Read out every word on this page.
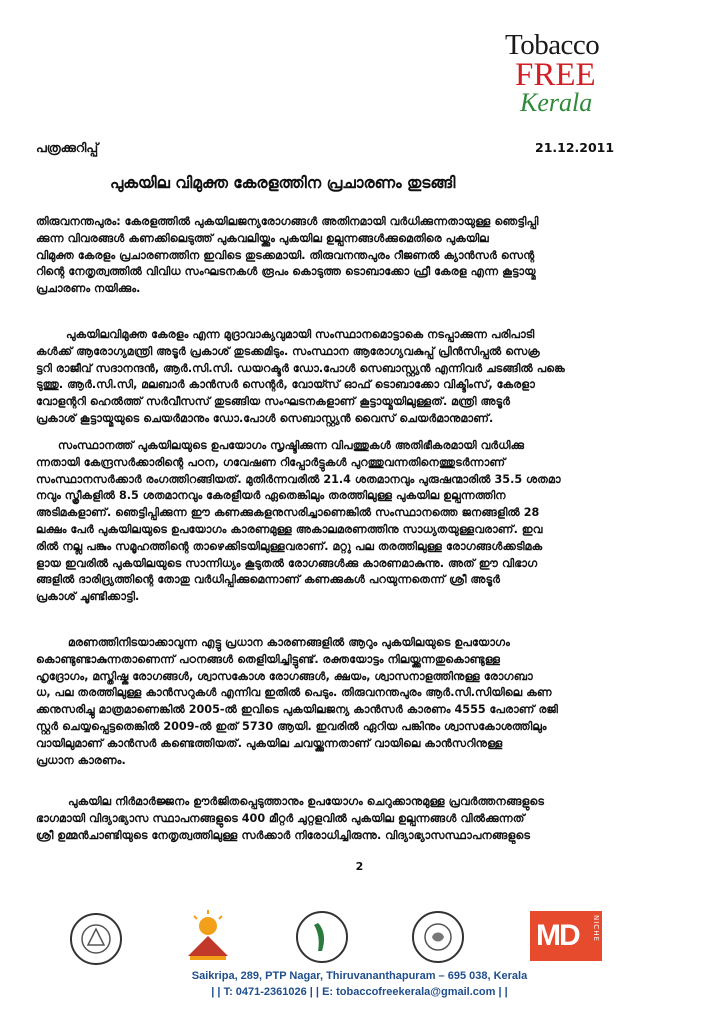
Tobacco
FREE
Kerala
പത്രക്കുറിപ്പ്	21.12.2011
പുകയില വിമുക്ത കേരളത്തിന പ്രചാരണം തുടങ്ങി
തിരുവനന്തപുരം: കേരളത്തിൽ പുകയിലജന്യരോഗങ്ങൾ അതിനമായി വർധിക്കുന്നതായുള്ള ഞെട്ടിപ്പി
ക്കുന്ന വിവരങ്ങൾ കണക്കിലെടുത്ത് പുകവലിയ്ക്കും പുകയില ഉല്പന്നങ്ങൾക്കുമെതിരെ പുകയില
വിമുക്ത കേരളം പ്രചാരണത്തിന ഇവിടെ തുടക്കമായി. തിരുവനന്തപുരം റീജണൽ ക്യാൻസർ സെന്റ
റിന്റെ നേതൃത്വത്തിൽ വിവിധ സംഘടനകൾ രൂപം കൊടുത്ത ടൊബാക്കോ ഫ്രീ കേരള എന്ന കൂട്ടായ്മ
പ്രചാരണം നയിക്കും.
പുകയിലവിമുക്ത കേരളം എന്ന മുദ്രാവാക്യവുമായി സംസ്ഥാനമൊട്ടാകെ നടപ്പാക്കുന്ന പരിപാടി
കൾക്ക് ആരോഗ്യമന്ത്രി അടൂർ പ്രകാശ് തുടക്കമിടും. സംസ്ഥാന ആരോഗ്യവകുപ്പ് പ്രിൻസിപ്പൽ സെക്ര
ട്ടറി രാജീവ് സദാനന്ദൻ, ആർ.സി.സി. ഡയറക്ടർ ഡോ.പോൾ സെബാസ്റ്റ്യൻ എന്നിവർ ചടങ്ങിൽ പങ്കെ
ടുത്തു. ആർ.സി.സി, മലബാർ കാൻസർ സെന്റർ, വോയ്സ് ഓഫ് ടൊബാക്കോ വിക്ടിംസ്, കേരളാ
വോളന്ററി ഹെൽത്ത് സർവീസസ് തുടങ്ങിയ സംഘടനകളാണ് കൂട്ടായ്മയിലുള്ളത്. മന്ത്രി അടൂർ
പ്രകാശ് കൂട്ടായ്മയുടെ ചെയർമാനും ഡോ.പോൾ സെബാസ്റ്റ്യൻ വൈസ് ചെയർമാനുമാണ്.
സംസ്ഥാനത്ത് പുകയിലയുടെ ഉപയോഗം സൃഷ്ടിക്കുന്ന വിപത്തുകൾ അതിഭീകരമായി വർധിക്കു
ന്നതായി കേന്ദ്രസർക്കാരിന്റെ പഠന, ഗവേഷണ റിപ്പോർട്ടുകൾ പുറത്തുവന്നതിനെത്തുടർന്നാണ്
സംസ്ഥാനസർക്കാർ രംഗത്തിറങ്ങിയത്. മുതിർന്നവരിൽ 21.4 ശതമാനവും പുരുഷന്മാരിൽ 35.5 ശതമാ
നവും സ്ത്രീകളിൽ 8.5 ശതമാനവും കേരളീയർ ഏതെങ്കിലും തരത്തിലുള്ള പുകയില ഉല്പന്നത്തിന
അടിമകളാണ്. ഞെട്ടിപ്പിക്കുന്ന ഈ കണക്കുകളനുസരിച്ചാണെങ്കിൽ സംസ്ഥാനത്തെ ജനങ്ങളിൽ 28
ലക്ഷം പേർ പുകയിലയുടെ ഉപയോഗം കാരണമുള്ള അകാലമരണത്തിനു സാധ്യതയുള്ളവരാണ്. ഇവ
രിൽ നല്ല പങ്കും സമൂഹത്തിന്റെ താഴെക്കിടയിലുള്ളവരാണ്. മറ്റു പല തരത്തിലുള്ള രോഗങ്ങൾക്കടിമക
ളായ ഇവരിൽ പുകയിലയുടെ സാന്നിധ്യം കൂടുതൽ രോഗങ്ങൾക്കു കാരണമാകുന്നു. അത് ഈ വിഭാഗ
ങ്ങളിൽ ദാരിദ്ര്യത്തിന്റെ തോതു വർധിപ്പിക്കുമെന്നാണ് കണക്കുകൾ പറയുന്നതെന്ന് ശ്രീ അടൂർ
പ്രകാശ് ചൂണ്ടിക്കാട്ടി.
മരണത്തിനിടയാക്കാവുന്ന എട്ടു പ്രധാന കാരണങ്ങളിൽ ആറും പുകയിലയുടെ ഉപയോഗം
കൊണ്ടുണ്ടാകുന്നതാണെന്ന് പഠനങ്ങൾ തെളിയിച്ചിട്ടുണ്ട്. രക്തയോട്ടം നിലയ്ക്കുന്നതുകൊണ്ടുള്ള
ഹൃദ്രോഗം, മസ്തിഷ്ക രോഗങ്ങൾ, ശ്വാസകോശ രോഗങ്ങൾ, ക്ഷയം, ശ്വാസനാളത്തിനുള്ള രോഗബാ
ധ, പല തരത്തിലുള്ള കാൻസറുകൾ എന്നിവ ഇതിൽ പെടും. തിരുവനന്തപുരം ആർ.സി.സിയിലെ കണ
ക്കനുസരിച്ചു മാത്രമാണെങ്കിൽ 2005-ൽ ഇവിടെ പുകയിലജന്യ കാൻസർ കാരണം 4555 പേരാണ് രജി
സ്റ്റർ ചെയ്യപ്പെട്ടതെങ്കിൽ 2009-ൽ ഇത് 5730 ആയി. ഇവരിൽ ഏറിയ പങ്കിനും ശ്വാസകോശത്തിലും
വായിലുമാണ് കാൻസർ കണ്ടെത്തിയത്. പുകയില ചവയ്ക്കുന്നതാണ് വായിലെ കാൻസറിനുള്ള
പ്രധാന കാരണം.
പുകയില നിർമാർജ്ജനം ഊർജിതപ്പെടുത്താനും ഉപയോഗം ചെറുക്കാനുമുള്ള പ്രവർത്തനങ്ങളുടെ
ഭാഗമായി വിദ്യാഭ്യാസ സ്ഥാപനങ്ങളുടെ 400 മീറ്റർ ചുറ്റളവിൽ പുകയില ഉല്പന്നങ്ങൾ വിൽക്കുന്നത്
ശ്രീ ഉമ്മൻചാണ്ടിയുടെ നേതൃത്വത്തിലുള്ള സർക്കാർ നിരോധിച്ചിരുന്നു. വിദ്യാഭ്യാസസ്ഥാപനങ്ങളുടെ
2
MD NICHE
Saikripa, 289, PTP Nagar, Thiruvananthapuram – 695 038, Kerala
| | T: 0471-2361026 | | E: tobaccofreekerala@gmail.com | |
